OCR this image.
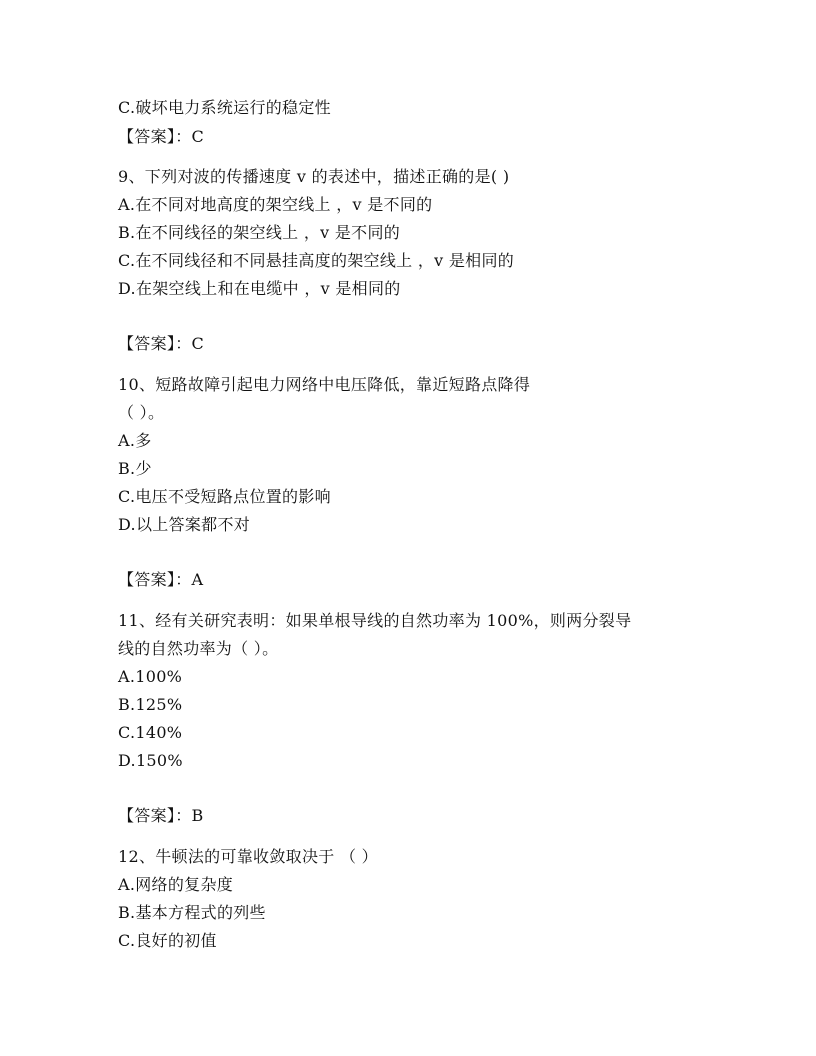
C.破坏电力系统运行的稳定性
【答案】：C
9、下列对波的传播速度 v 的表述中，描述正确的是( )
A.在不同对地高度的架空线上 ，v 是不同的
B.在不同线径的架空线上 ，v 是不同的
C.在不同线径和不同悬挂高度的架空线上 ，v 是相同的
D.在架空线上和在电缆中 ，v 是相同的
【答案】：C
10、短路故障引起电力网络中电压降低，靠近短路点降得
（ ）。
A.多
B.少
C.电压不受短路点位置的影响
D.以上答案都不对
【答案】：A
11、经有关研究表明：如果单根导线的自然功率为 100%，则两分裂导
线的自然功率为（ ）。
A.100%
B.125%
C.140%
D.150%
【答案】：B
12、牛顿法的可靠收敛取决于 （ ）
A.网络的复杂度
B.基本方程式的列些
C.良好的初值
